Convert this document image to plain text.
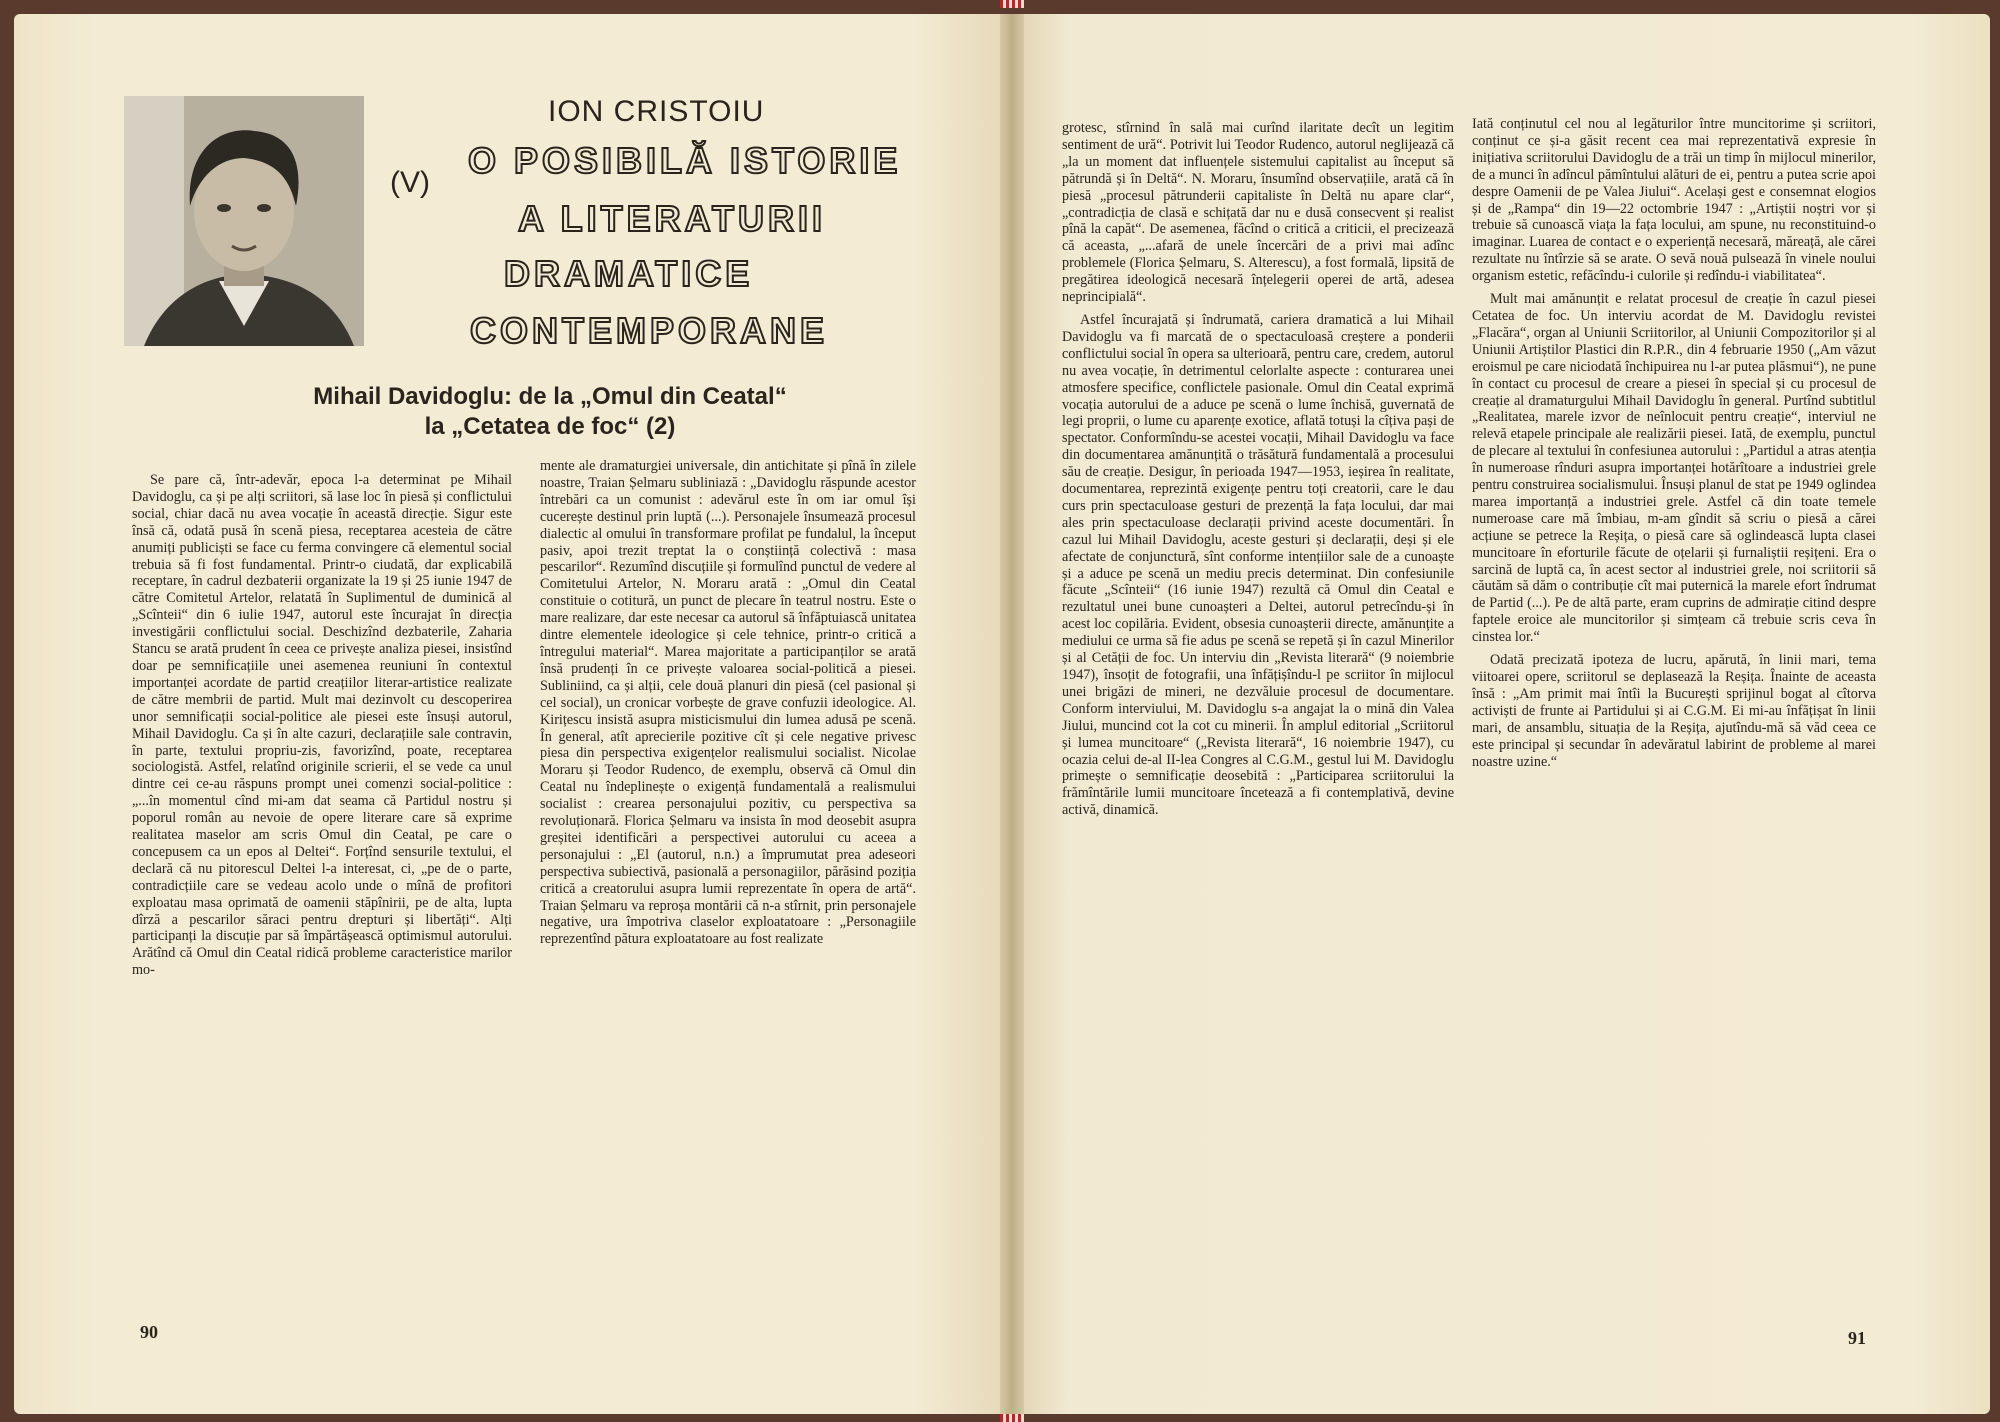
ION CRISTOIU
(V)
O POSIBILĂ ISTORIE
A LITERATURII
DRAMATICE
CONTEMPORANE
Mihail Davidoglu: de la „Omul din Ceatal“
la „Cetatea de foc“ (2)

Se pare că, într-adevăr, epoca l-a determinat pe Mihail Davidoglu, ca și pe alți scriitori, să lase loc în piesă și conflictului social, chiar dacă nu avea vocație în această direcție. Sigur este însă că, odată pusă în scenă piesa, receptarea acesteia de către anumiți publiciști se face cu ferma convingere că elementul social trebuia să fi fost fundamental. Printr-o ciudată, dar explicabilă receptare, în cadrul dezbaterii organizate la 19 și 25 iunie 1947 de către Comitetul Artelor, relatată în Suplimentul de duminică al „Scînteii“ din 6 iulie 1947, autorul este încurajat în direcția investigării conflictului social. Deschizînd dezbaterile, Zaharia Stancu se arată prudent în ceea ce privește analiza piesei, insistînd doar pe semnificațiile unei asemenea reuniuni în contextul importanței acordate de partid creațiilor literar-artistice realizate de către membrii de partid. Mult mai dezinvolt cu descoperirea unor semnificații social-politice ale piesei este însuși autorul, Mihail Davidoglu. Ca și în alte cazuri, declarațiile sale contravin, în parte, textului propriu-zis, favorizînd, poate, receptarea sociologistă. Astfel, relatînd originile scrierii, el se vede ca unul dintre cei ce-au răspuns prompt unei comenzi social-politice : „...în momentul cînd mi-am dat seama că Partidul nostru și poporul român au nevoie de opere literare care să exprime realitatea maselor am scris Omul din Ceatal, pe care o concepusem ca un epos al Deltei“. Forțînd sensurile textului, el declară că nu pitorescul Deltei l-a interesat, ci, „pe de o parte, contradicțiile care se vedeau acolo unde o mînă de profitori exploatau masa oprimată de oamenii stăpînirii, pe de alta, lupta dîrză a pescarilor săraci pentru drepturi și libertăți“. Alți participanți la discuție par să împărtășească optimismul autorului. Arătînd că Omul din Ceatal ridică probleme caracteristice marilor mo-

mente ale dramaturgiei universale, din antichitate și pînă în zilele noastre, Traian Șelmaru subliniază : „Davidoglu răspunde acestor întrebări ca un comunist : adevărul este în om iar omul își cucerește destinul prin luptă (...). Personajele însumează procesul dialectic al omului în transformare profilat pe fundalul, la început pasiv, apoi trezit treptat la o conștiință colectivă : masa pescarilor“. Rezumînd discuțiile și formulînd punctul de vedere al Comitetului Artelor, N. Moraru arată : „Omul din Ceatal constituie o cotitură, un punct de plecare în teatrul nostru. Este o mare realizare, dar este necesar ca autorul să înfăptuiască unitatea dintre elementele ideologice și cele tehnice, printr-o critică a întregului material“. Marea majoritate a participanților se arată însă prudenți în ce privește valoarea social-politică a piesei. Subliniind, ca și alții, cele două planuri din piesă (cel pasional și cel social), un cronicar vorbește de grave confuzii ideologice. Al. Kirițescu insistă asupra misticismului din lumea adusă pe scenă. În general, atît aprecierile pozitive cît și cele negative privesc piesa din perspectiva exigențelor realismului socialist. Nicolae Moraru și Teodor Rudenco, de exemplu, observă că Omul din Ceatal nu îndeplinește o exigență fundamentală a realismului socialist : crearea personajului pozitiv, cu perspectiva sa revoluționară. Florica Șelmaru va insista în mod deosebit asupra greșitei identificări a perspectivei autorului cu aceea a personajului : „El (autorul, n.n.) a împrumutat prea adeseori perspectiva subiectivă, pasională a personagiilor, părăsind poziția critică a creatorului asupra lumii reprezentate în opera de artă“. Traian Șelmaru va reproșa montării că n-a stîrnit, prin personajele negative, ura împotriva claselor exploatatoare : „Personagiile reprezentînd pătura exploatatoare au fost realizate

grotesc, stîrnind în sală mai curînd ilaritate decît un legitim sentiment de ură“. Potrivit lui Teodor Rudenco, autorul neglijează că „la un moment dat influențele sistemului capitalist au început să pătrundă și în Deltă“. N. Moraru, însumînd observațiile, arată că în piesă „procesul pătrunderii capitaliste în Deltă nu apare clar“, „contradicția de clasă e schițată dar nu e dusă consecvent și realist pînă la capăt“. De asemenea, făcînd o critică a criticii, el precizează că aceasta, „...afară de unele încercări de a privi mai adînc problemele (Florica Șelmaru, S. Alterescu), a fost formală, lipsită de pregătirea ideologică necesară înțelegerii operei de artă, adesea neprincipială“.

Astfel încurajată și îndrumată, cariera dramatică a lui Mihail Davidoglu va fi marcată de o spectaculoasă creștere a ponderii conflictului social în opera sa ulterioară, pentru care, credem, autorul nu avea vocație, în detrimentul celorlalte aspecte : conturarea unei atmosfere specifice, conflictele pasionale. Omul din Ceatal exprimă vocația autorului de a aduce pe scenă o lume închisă, guvernată de legi proprii, o lume cu aparențe exotice, aflată totuși la cîțiva pași de spectator. Conformîndu-se acestei vocații, Mihail Davidoglu va face din documentarea amănunțită o trăsătură fundamentală a procesului său de creație. Desigur, în perioada 1947—1953, ieșirea în realitate, documentarea, reprezintă exigențe pentru toți creatorii, care le dau curs prin spectaculoase gesturi de prezență la fața locului, dar mai ales prin spectaculoase declarații privind aceste documentări. În cazul lui Mihail Davidoglu, aceste gesturi și declarații, deși și ele afectate de conjunctură, sînt conforme intențiilor sale de a cunoaște și a aduce pe scenă un mediu precis determinat. Din confesiunile făcute „Scînteii“ (16 iunie 1947) rezultă că Omul din Ceatal e rezultatul unei bune cunoașteri a Deltei, autorul petrecîndu-și în acest loc copilăria. Evident, obsesia cunoașterii directe, amănunțite a mediului ce urma să fie adus pe scenă se repetă și în cazul Minerilor și al Cetății de foc. Un interviu din „Revista literară“ (9 noiembrie 1947), însoțit de fotografii, una înfățișîndu-l pe scriitor în mijlocul unei brigăzi de mineri, ne dezvăluie procesul de documentare. Conform interviului, M. Davidoglu s-a angajat la o mină din Valea Jiului, muncind cot la cot cu minerii. În amplul editorial „Scriitorul și lumea muncitoare“ („Revista literară“, 16 noiembrie 1947), cu ocazia celui de-al II-lea Congres al C.G.M., gestul lui M. Davidoglu primește o semnificație deosebită : „Participarea scriitorului la frămîntările lumii muncitoare încetează a fi contemplativă, devine activă, dinamică.

Iată conținutul cel nou al legăturilor între muncitorime și scriitori, conținut ce și-a găsit recent cea mai reprezentativă expresie în inițiativa scriitorului Davidoglu de a trăi un timp în mijlocul minerilor, de a munci în adîncul pămîntului alături de ei, pentru a putea scrie apoi despre Oamenii de pe Valea Jiului“. Același gest e consemnat elogios și de „Rampa“ din 19—22 octombrie 1947 : „Artiștii noștri vor și trebuie să cunoască viața la fața locului, am spune, nu reconstituind-o imaginar. Luarea de contact e o experiență necesară, măreață, ale cărei rezultate nu întîrzie să se arate. O sevă nouă pulsează în vinele noului organism estetic, refăcîndu-i culorile și redîndu-i viabilitatea“.

Mult mai amănunțit e relatat procesul de creație în cazul piesei Cetatea de foc. Un interviu acordat de M. Davidoglu revistei „Flacăra“, organ al Uniunii Scriitorilor, al Uniunii Compozitorilor și al Uniunii Artiștilor Plastici din R.P.R., din 4 februarie 1950 („Am văzut eroismul pe care niciodată închipuirea nu l-ar putea plăsmui“), ne pune în contact cu procesul de creare a piesei în special și cu procesul de creație al dramaturgului Mihail Davidoglu în general. Purtînd subtitlul „Realitatea, marele izvor de neînlocuit pentru creație“, interviul ne relevă etapele principale ale realizării piesei. Iată, de exemplu, punctul de plecare al textului în confesiunea autorului : „Partidul a atras atenția în numeroase rînduri asupra importanței hotărîtoare a industriei grele pentru construirea socialismului. Însuși planul de stat pe 1949 oglindea marea importanță a industriei grele. Astfel că din toate temele numeroase care mă îmbiau, m-am gîndit să scriu o piesă a cărei acțiune se petrece la Reșița, o piesă care să oglindească lupta clasei muncitoare în eforturile făcute de oțelarii și furnaliștii reșițeni. Era o sarcină de luptă ca, în acest sector al industriei grele, noi scriitorii să căutăm să dăm o contribuție cît mai puternică la marele efort îndrumat de Partid (...). Pe de altă parte, eram cuprins de admirație citind despre faptele eroice ale muncitorilor și simțeam că trebuie scris ceva în cinstea lor.“

Odată precizată ipoteza de lucru, apărută, în linii mari, tema viitoarei opere, scriitorul se deplasează la Reșița. Înainte de aceasta însă : „Am primit mai întîi la București sprijinul bogat al cîtorva activiști de frunte ai Partidului și ai C.G.M. Ei mi-au înfățișat în linii mari, de ansamblu, situația de la Reșița, ajutîndu-mă să văd ceea ce este principal și secundar în adevăratul labirint de probleme al marei noastre uzine.“

90	91
